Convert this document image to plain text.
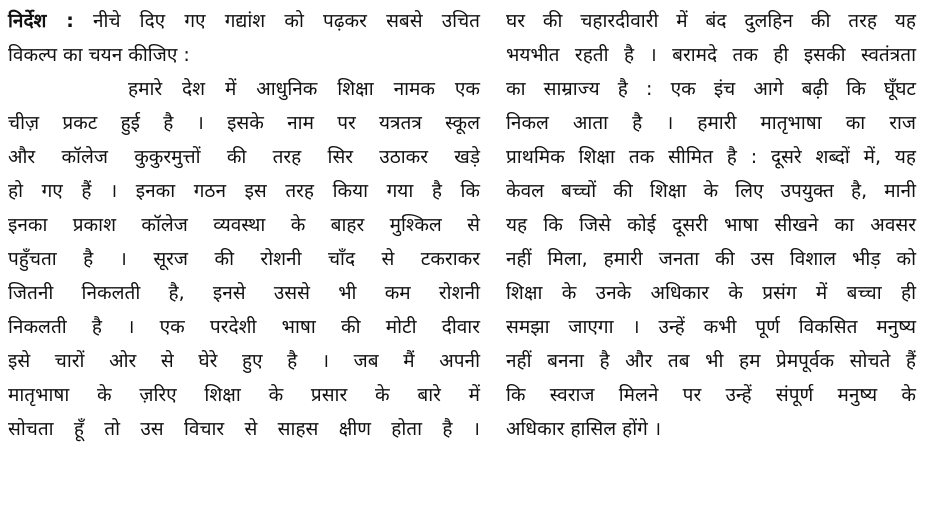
निर्देश : नीचे दिए गए गद्यांश को पढ़कर सबसे उचित
विकल्प का चयन कीजिए :
हमारे देश में आधुनिक शिक्षा नामक एक
चीज़ प्रकट हुई है । इसके नाम पर यत्रतत्र स्कूल
और कॉलेज कुकुरमुत्तों की तरह सिर उठाकर खड़े
हो गए हैं । इनका गठन इस तरह किया गया है कि
इनका प्रकाश कॉलेज व्यवस्था के बाहर मुश्किल से
पहुँचता है । सूरज की रोशनी चाँद से टकराकर
जितनी निकलती है, इनसे उससे भी कम रोशनी
निकलती है । एक परदेशी भाषा की मोटी दीवार
इसे चारों ओर से घेरे हुए है । जब मैं अपनी
मातृभाषा के ज़रिए शिक्षा के प्रसार के बारे में
सोचता हूँ तो उस विचार से साहस क्षीण होता है ।
घर की चहारदीवारी में बंद दुलहिन की तरह यह
भयभीत रहती है । बरामदे तक ही इसकी स्वतंत्रता
का साम्राज्य है : एक इंच आगे बढ़ी कि घूँघट
निकल आता है । हमारी मातृभाषा का राज
प्राथमिक शिक्षा तक सीमित है : दूसरे शब्दों में, यह
केवल बच्चों की शिक्षा के लिए उपयुक्त है, मानी
यह कि जिसे कोई दूसरी भाषा सीखने का अवसर
नहीं मिला, हमारी जनता की उस विशाल भीड़ को
शिक्षा के उनके अधिकार के प्रसंग में बच्चा ही
समझा जाएगा । उन्हें कभी पूर्ण विकसित मनुष्य
नहीं बनना है और तब भी हम प्रेमपूर्वक सोचते हैं
कि स्वराज मिलने पर उन्हें संपूर्ण मनुष्य के
अधिकार हासिल होंगे ।
